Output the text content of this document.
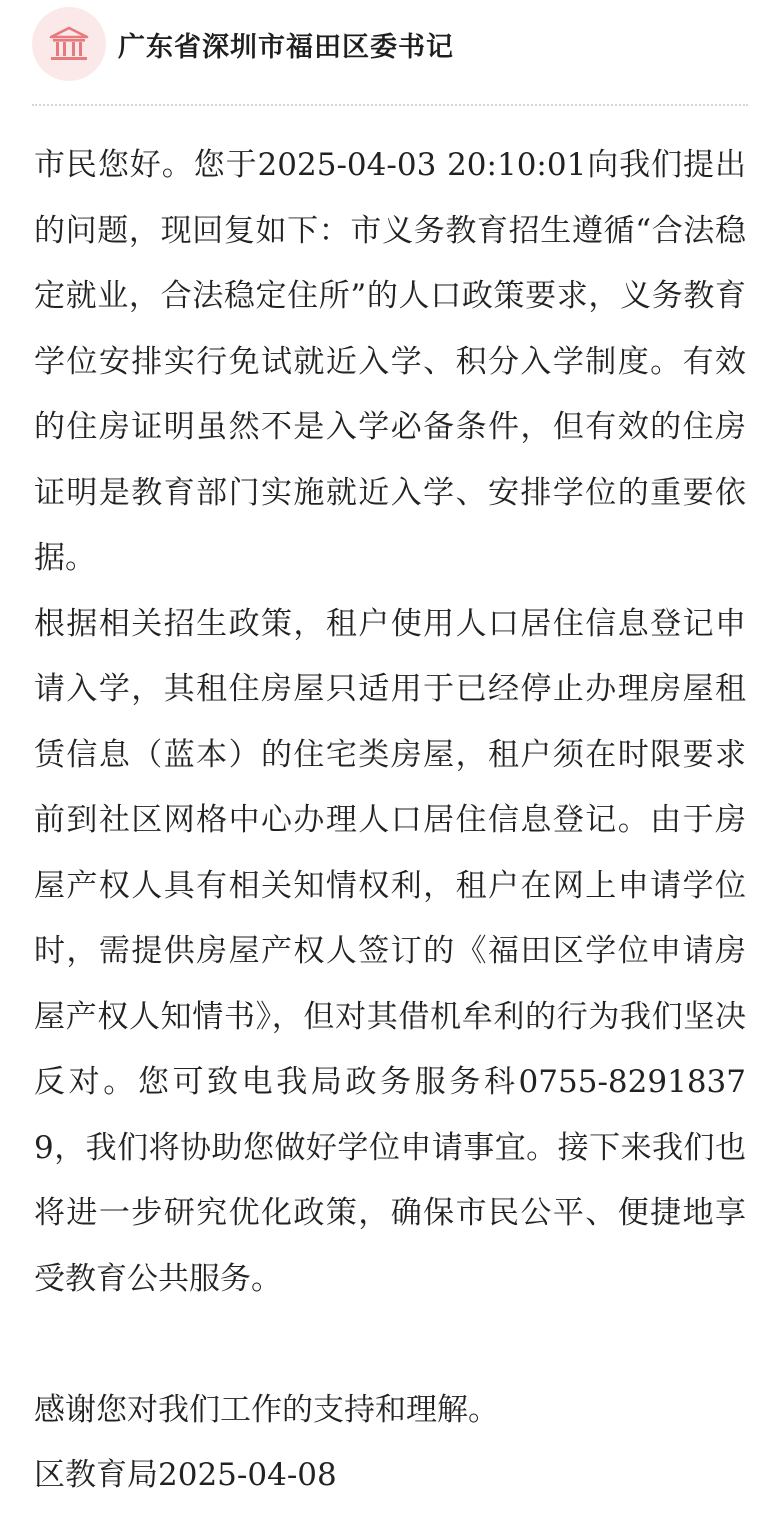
广东省深圳市福田区委书记

市民您好。您于2025-04-03 20:10:01向我们提出的问题，现回复如下：市义务教育招生遵循“合法稳定就业，合法稳定住所”的人口政策要求，义务教育学位安排实行免试就近入学、积分入学制度。有效的住房证明虽然不是入学必备条件，但有效的住房证明是教育部门实施就近入学、安排学位的重要依据。

根据相关招生政策，租户使用人口居住信息登记申请入学，其租住房屋只适用于已经停止办理房屋租赁信息（蓝本）的住宅类房屋，租户须在时限要求前到社区网格中心办理人口居住信息登记。由于房屋产权人具有相关知情权利，租户在网上申请学位时，需提供房屋产权人签订的《福田区学位申请房屋产权人知情书》，但对其借机牟利的行为我们坚决反对。您可致电我局政务服务科0755-82918379，我们将协助您做好学位申请事宜。接下来我们也将进一步研究优化政策，确保市民公平、便捷地享受教育公共服务。

感谢您对我们工作的支持和理解。

区教育局2025-04-08
